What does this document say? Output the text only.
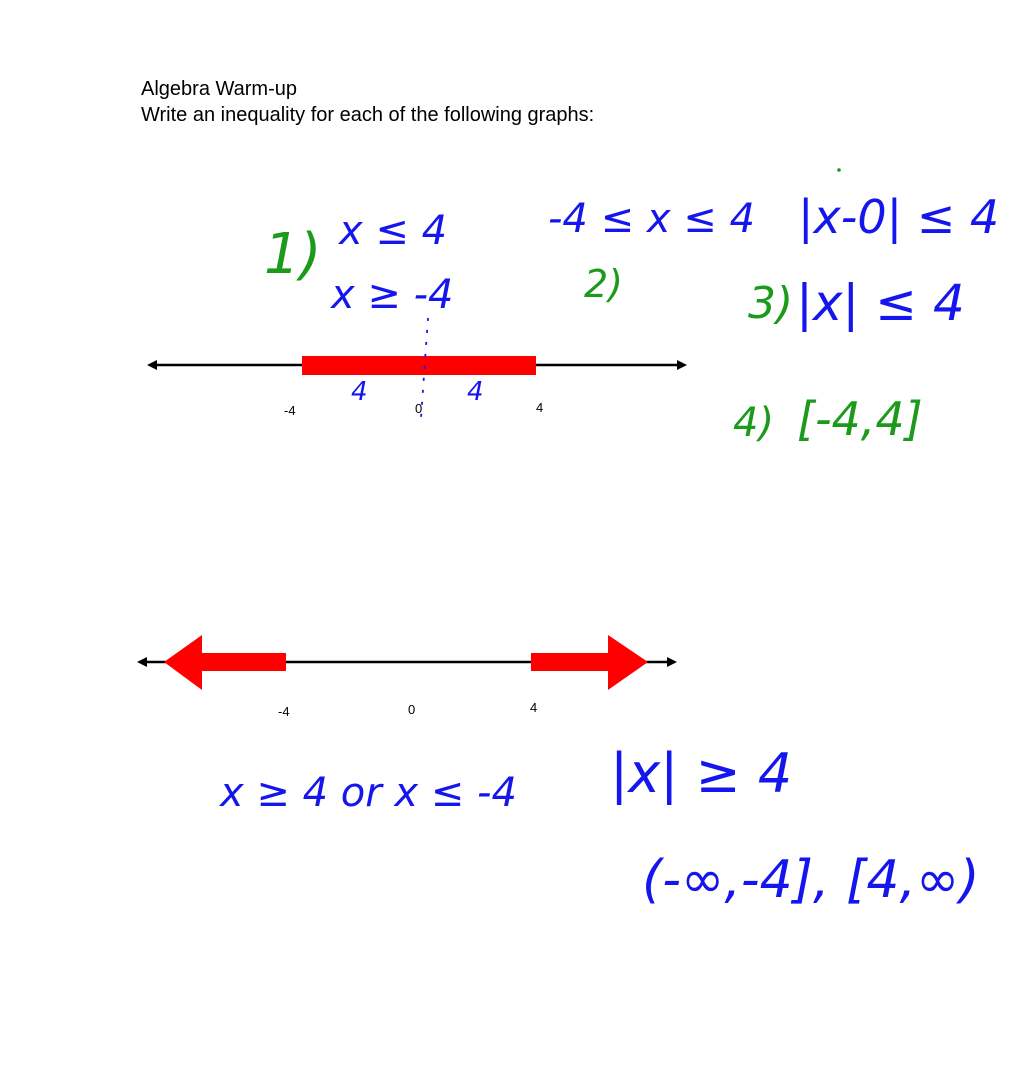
Algebra Warm-up
Write an inequality for each of the following graphs:
-4	0	4
4	4
-4	0	4
1) x ≤ 4
x ≥ -4
-4 ≤ x ≤ 4
2)
|x-0| ≤ 4
3) |x| ≤ 4
4) [-4,4]
x ≥ 4 or x ≤ -4 |x| ≥ 4
(-∞,-4], [4,∞)
